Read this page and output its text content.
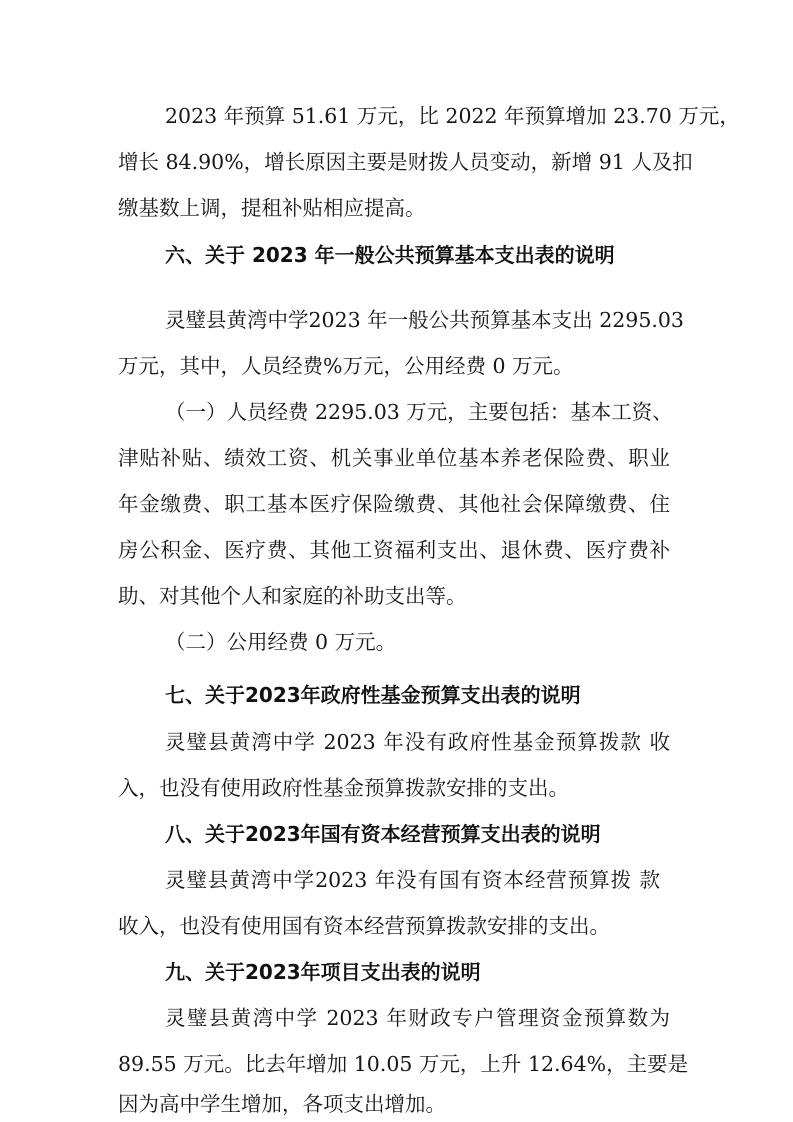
2023 年预算 51.61 万元，比 2022 年预算增加 23.70 万元，
增长 84.90%，增长原因主要是财拨人员变动，新增 91 人及扣
缴基数上调，提租补贴相应提高。
六、关于 2023 年一般公共预算基本支出表的说明
灵璧县黄湾中学2023 年一般公共预算基本支出 2295.03
万元，其中，人员经费%万元，公用经费 0 万元。
（一）人员经费 2295.03 万元，主要包括：基本工资、
津贴补贴、绩效工资、机关事业单位基本养老保险费、职业
年金缴费、职工基本医疗保险缴费、其他社会保障缴费、住
房公积金、医疗费、其他工资福利支出、退休费、医疗费补
助、对其他个人和家庭的补助支出等。
（二）公用经费 0 万元。
七、关于2023年政府性基金预算支出表的说明
灵璧县黄湾中学 2023 年没有政府性基金预算拨款 收
入，也没有使用政府性基金预算拨款安排的支出。
八、关于2023年国有资本经营预算支出表的说明
灵璧县黄湾中学2023 年没有国有资本经营预算拨 款
收入，也没有使用国有资本经营预算拨款安排的支出。
九、关于2023年项目支出表的说明
灵璧县黄湾中学 2023 年财政专户管理资金预算数为
89.55 万元。比去年增加 10.05 万元，上升 12.64%，主要是
因为高中学生增加，各项支出增加。
